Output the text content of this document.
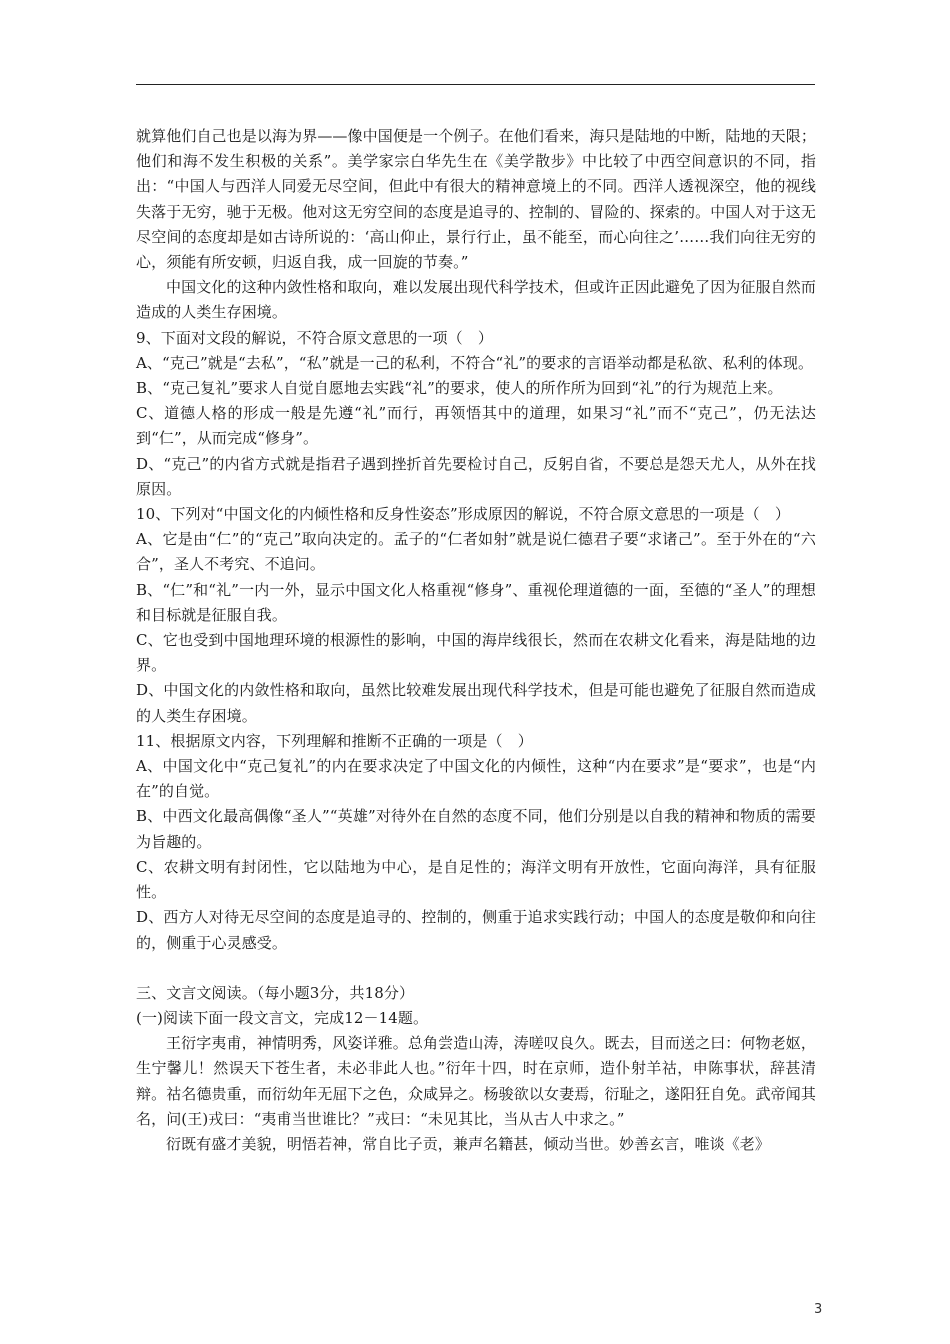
就算他们自己也是以海为界——像中国便是一个例子。在他们看来，海只是陆地的中断，陆地的天限；他们和海不发生积极的关系”。美学家宗白华先生在《美学散步》中比较了中西空间意识的不同，指出：“中国人与西洋人同爱无尽空间，但此中有很大的精神意境上的不同。西洋人透视深空，他的视线失落于无穷，驰于无极。他对这无穷空间的态度是追寻的、控制的、冒险的、探索的。中国人对于这无尽空间的态度却是如古诗所说的：‘高山仰止，景行行止，虽不能至，而心向往之’……我们向往无穷的心，须能有所安顿，归返自我，成一回旋的节奏。”

中国文化的这种内敛性格和取向，难以发展出现代科学技术，但或许正因此避免了因为征服自然而造成的人类生存困境。

9、下面对文段的解说，不符合原文意思的一项（　）

A、“克己”就是“去私”，“私”就是一己的私利，不符合“礼”的要求的言语举动都是私欲、私利的体现。

B、“克己复礼”要求人自觉自愿地去实践“礼”的要求，使人的所作所为回到“礼”的行为规范上来。

C、道德人格的形成一般是先遵“礼”而行，再领悟其中的道理，如果习“礼”而不“克己”，仍无法达到“仁”，从而完成“修身”。

D、“克己”的内省方式就是指君子遇到挫折首先要检讨自己，反躬自省，不要总是怨天尤人，从外在找原因。

10、下列对“中国文化的内倾性格和反身性姿态”形成原因的解说，不符合原文意思的一项是（　）

A、它是由“仁”的“克己”取向决定的。孟子的“仁者如射”就是说仁德君子要“求诸己”。至于外在的“六合”，圣人不考究、不追问。

B、“仁”和“礼”一内一外，显示中国文化人格重视“修身”、重视伦理道德的一面，至德的“圣人”的理想和目标就是征服自我。

C、它也受到中国地理环境的根源性的影响，中国的海岸线很长，然而在农耕文化看来，海是陆地的边界。

D、中国文化的内敛性格和取向，虽然比较难发展出现代科学技术，但是可能也避免了征服自然而造成的人类生存困境。

11、根据原文内容，下列理解和推断不正确的一项是（　）

A、中国文化中“克己复礼”的内在要求决定了中国文化的内倾性，这种“内在要求”是“要求”，也是“内在”的自觉。

B、中西文化最高偶像“圣人”“英雄”对待外在自然的态度不同，他们分别是以自我的精神和物质的需要为旨趣的。

C、农耕文明有封闭性，它以陆地为中心，是自足性的；海洋文明有开放性，它面向海洋，具有征服性。

D、西方人对待无尽空间的态度是追寻的、控制的，侧重于追求实践行动；中国人的态度是敬仰和向往的，侧重于心灵感受。

三、文言文阅读。（每小题3分，共18分）

(一)阅读下面一段文言文，完成12－14题。

王衍字夷甫，神情明秀，风姿详雅。总角尝造山涛，涛嗟叹良久。既去，目而送之曰：何物老妪，生宁馨儿！然误天下苍生者，未必非此人也。”衍年十四，时在京师，造仆射羊祜，申陈事状，辞甚清辩。祜名德贵重，而衍幼年无屈下之色，众咸异之。杨骏欲以女妻焉，衍耻之，遂阳狂自免。武帝闻其名，问(王)戎曰：“夷甫当世谁比？”戎曰：“未见其比，当从古人中求之。”

衍既有盛才美貌，明悟若神，常自比子贡，兼声名籍甚，倾动当世。妙善玄言，唯谈《老》

3
